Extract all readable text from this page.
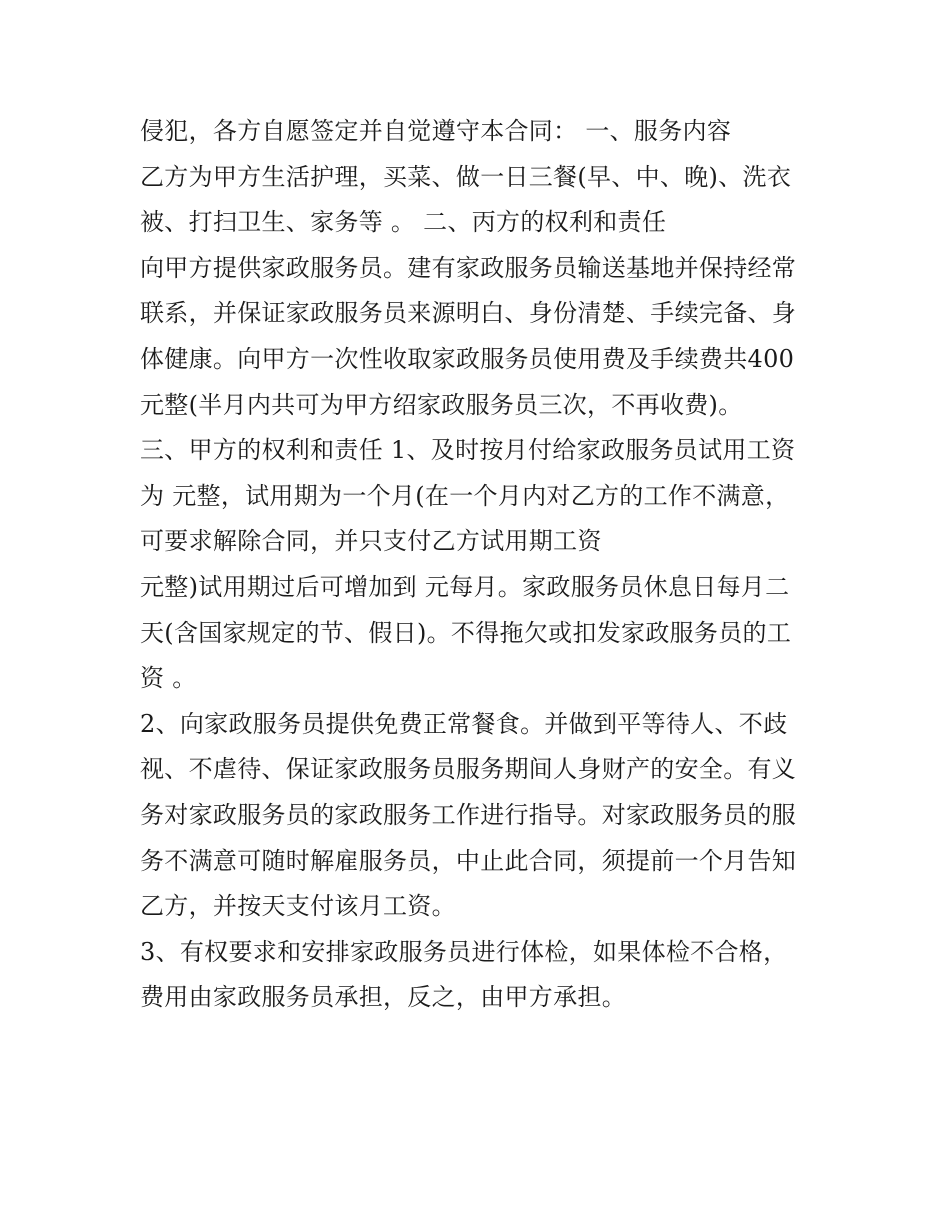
侵犯，各方自愿签定并自觉遵守本合同： 一、服务内容
乙方为甲方生活护理，买菜、做一日三餐(早、中、晚)、洗衣
被、打扫卫生、家务等 。 二、丙方的权利和责任
向甲方提供家政服务员。建有家政服务员输送基地并保持经常
联系，并保证家政服务员来源明白、身份清楚、手续完备、身
体健康。向甲方一次性收取家政服务员使用费及手续费共400
元整(半月内共可为甲方绍家政服务员三次，不再收费)。
三、甲方的权利和责任 1、及时按月付给家政服务员试用工资
为 元整，试用期为一个月(在一个月内对乙方的工作不满意，
可要求解除合同，并只支付乙方试用期工资
元整)试用期过后可增加到 元每月。家政服务员休息日每月二
天(含国家规定的节、假日)。不得拖欠或扣发家政服务员的工
资 。
2、向家政服务员提供免费正常餐食。并做到平等待人、不歧
视、不虐待、保证家政服务员服务期间人身财产的安全。有义
务对家政服务员的家政服务工作进行指导。对家政服务员的服
务不满意可随时解雇服务员，中止此合同，须提前一个月告知
乙方，并按天支付该月工资。
3、有权要求和安排家政服务员进行体检，如果体检不合格，
费用由家政服务员承担，反之，由甲方承担。
